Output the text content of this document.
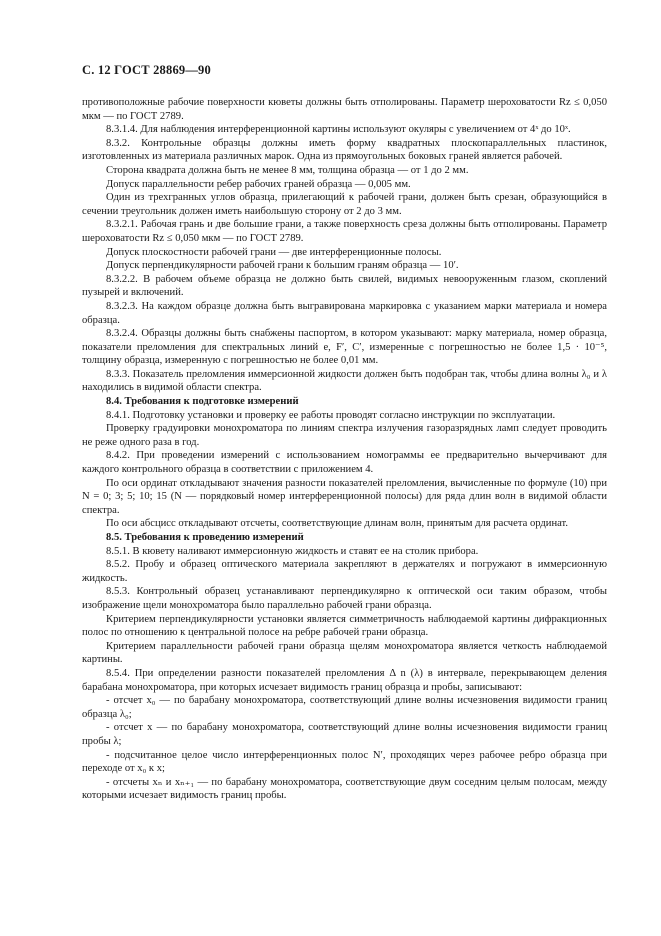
С. 12 ГОСТ 28869—90

противоположные рабочие поверхности кюветы должны быть отполированы. Параметр шероховатости Rz ≤ 0,050 мкм — по ГОСТ 2789.

8.3.1.4. Для наблюдения интерференционной картины используют окуляры с увеличением от 4ˣ до 10ˣ.

8.3.2. Контрольные образцы должны иметь форму квадратных плоскопараллельных пластинок, изготовленных из материала различных марок. Одна из прямоугольных боковых граней является рабочей.

Сторона квадрата должна быть не менее 8 мм, толщина образца — от 1 до 2 мм.

Допуск параллельности ребер рабочих граней образца — 0,005 мм.

Один из трехгранных углов образца, прилегающий к рабочей грани, должен быть срезан, образующийся в сечении треугольник должен иметь наибольшую сторону от 2 до 3 мм.

8.3.2.1. Рабочая грань и две большие грани, а также поверхность среза должны быть отполированы. Параметр шероховатости Rz ≤ 0,050 мкм — по ГОСТ 2789.

Допуск плоскостности рабочей грани — две интерференционные полосы.

Допуск перпендикулярности рабочей грани к большим граням образца — 10′.

8.3.2.2. В рабочем объеме образца не должно быть свилей, видимых невооруженным глазом, скоплений пузырей и включений.

8.3.2.3. На каждом образце должна быть выгравирована маркировка с указанием марки материала и номера образца.

8.3.2.4. Образцы должны быть снабжены паспортом, в котором указывают: марку материала, номер образца, показатели преломления для спектральных линий e, F′, C′, измеренные с погрешностью не более 1,5 · 10⁻⁵, толщину образца, измеренную с погрешностью не более 0,01 мм.

8.3.3. Показатель преломления иммерсионной жидкости должен быть подобран так, чтобы длина волны λ₀ и λ находились в видимой области спектра.

8.4. Требования к подготовке измерений

8.4.1. Подготовку установки и проверку ее работы проводят согласно инструкции по эксплуатации.

Проверку градуировки монохроматора по линиям спектра излучения газоразрядных ламп следует проводить не реже одного раза в год.

8.4.2. При проведении измерений с использованием номограммы ее предварительно вычерчивают для каждого контрольного образца в соответствии с приложением 4.

По оси ординат откладывают значения разности показателей преломления, вычисленные по формуле (10) при N = 0; 3; 5; 10; 15 (N — порядковый номер интерференционной полосы) для ряда длин волн в видимой области спектра.

По оси абсцисс откладывают отсчеты, соответствующие длинам волн, принятым для расчета ординат.

8.5. Требования к проведению измерений

8.5.1. В кювету наливают иммерсионную жидкость и ставят ее на столик прибора.

8.5.2. Пробу и образец оптического материала закрепляют в держателях и погружают в иммерсионную жидкость.

8.5.3. Контрольный образец устанавливают перпендикулярно к оптической оси таким образом, чтобы изображение щели монохроматора было параллельно рабочей грани образца.

Критерием перпендикулярности установки является симметричность наблюдаемой картины дифракционных полос по отношению к центральной полосе на ребре рабочей грани образца.

Критерием параллельности рабочей грани образца щелям монохроматора является четкость наблюдаемой картины.

8.5.4. При определении разности показателей преломления Δ n (λ) в интервале, перекрывающем деления барабана монохроматора, при которых исчезает видимость границ образца и пробы, записывают:

- отсчет x₀ — по барабану монохроматора, соответствующий длине волны исчезновения видимости границ образца λ₀;

- отсчет x — по барабану монохроматора, соответствующий длине волны исчезновения видимости границ пробы λ;

- подсчитанное целое число интерференционных полос N′, проходящих через рабочее ребро образца при переходе от x₀ к x;

- отсчеты xₙ и xₙ₊₁ — по барабану монохроматора, соответствующие двум соседним целым полосам, между которыми исчезает видимость границ пробы.
